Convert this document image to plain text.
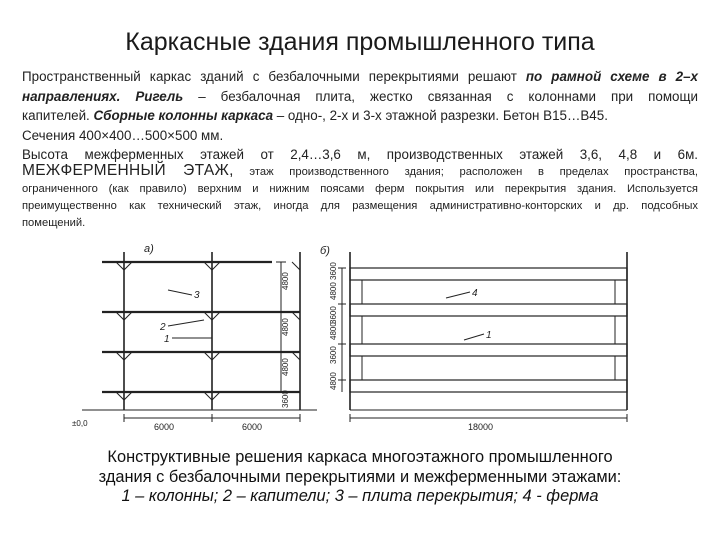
Каркасные здания промышленного типа
Пространственный каркас зданий с безбалочными перекрытиями решают по рамной схеме в 2–х
направлениях. Ригель – безбалочная плита, жестко связанная с колоннами при помощи
капителей. Сборные колонны каркаса – одно-, 2-х и 3-х этажной разрезки. Бетон В15…В45.
Сечения 400×400…500×500 мм.
Высота межферменных этажей от 2,4…3,6 м, производственных этажей 3,6, 4,8 и 6м.
МЕЖФЕРМЕННЫЙ ЭТАЖ, этаж производственного здания; расположен в пределах пространства,
ограниченного (как правило) верхним и нижним поясами ферм покрытия или перекрытия здания. Используется
преимущественно как технический этаж, иногда для размещения административно-конторских и др. подсобных
помещений.
а)	б)
3
2
1
4
1
4800
4800
4800
3600
3600
4800
3600
4800
3600
4800
6000	6000	18000
±0,0
Конструктивные решения каркаса многоэтажного промышленного
здания с безбалочными перекрытиями и межферменными этажами:
1 – колонны; 2 – капители; 3 – плита перекрытия; 4 - ферма
